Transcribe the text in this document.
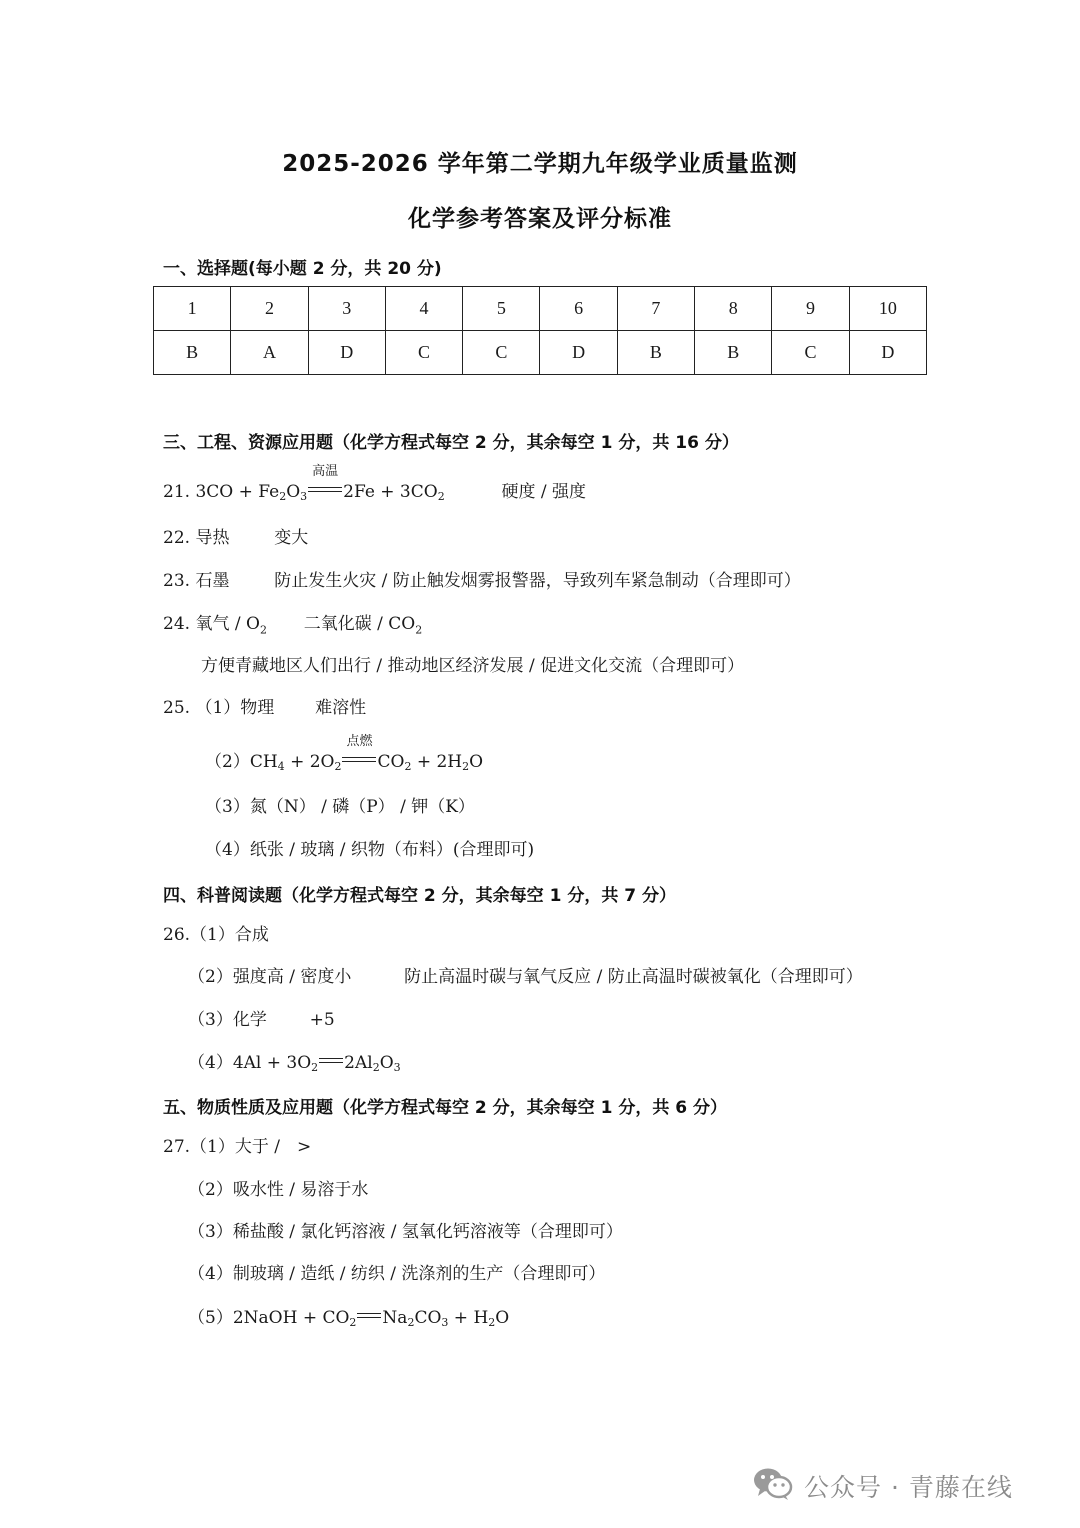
2025-2026 学年第二学期九年级学业质量监测
化学参考答案及评分标准
一、选择题(每小题 2 分，共 20 分)
1	2	3	4	5	6	7	8	9	10
B	A	D	C	C	D	B	B	C	D
三、工程、资源应用题（化学方程式每空 2 分，其余每空 1 分，共 16 分）
21. $3CO + Fe_2O_3$
高温
$2Fe + 3CO_2$	硬度 / 强度
22. 导热	变大
23. 石墨	防止发生火灾 / 防止触发烟雾报警器，导致列车紧急制动（合理即可）
24. 氧气 / $O_2$ 二氧化碳 / $CO_2$
方便青藏地区人们出行 / 推动地区经济发展 / 促进文化交流（合理即可）
25. （1）物理 难溶性
$(2)CH_4 + 2O_2$
点燃
$CO_2 + 2H_2O$
（3）氮（N） / 磷（P） / 钾（K）
（4）纸张 / 玻璃 / 织物（布料）(合理即可)
四、科普阅读题（化学方程式每空 2 分，其余每空 1 分，共 7 分）
26.（1）合成
（2）强度高 / 密度小	防止高温时碳与氧气反应 / 防止高温时碳被氧化（合理即可）
（3）化学	+5
$(4)4Al + 3O_2$ $2Al_2O_3$
五、物质性质及应用题（化学方程式每空 2 分，其余每空 1 分，共 6 分）
27.（1）大于 /　>
（2）吸水性 / 易溶于水
（3）稀盐酸 / 氯化钙溶液 / 氢氧化钙溶液等（合理即可）
（4）制玻璃 / 造纸 / 纺织 / 洗涤剂的生产（合理即可）
（5）2NaOH + $CO_2$ $Na_2CO_3 + H_2O$
公众号 · 青藤在线
